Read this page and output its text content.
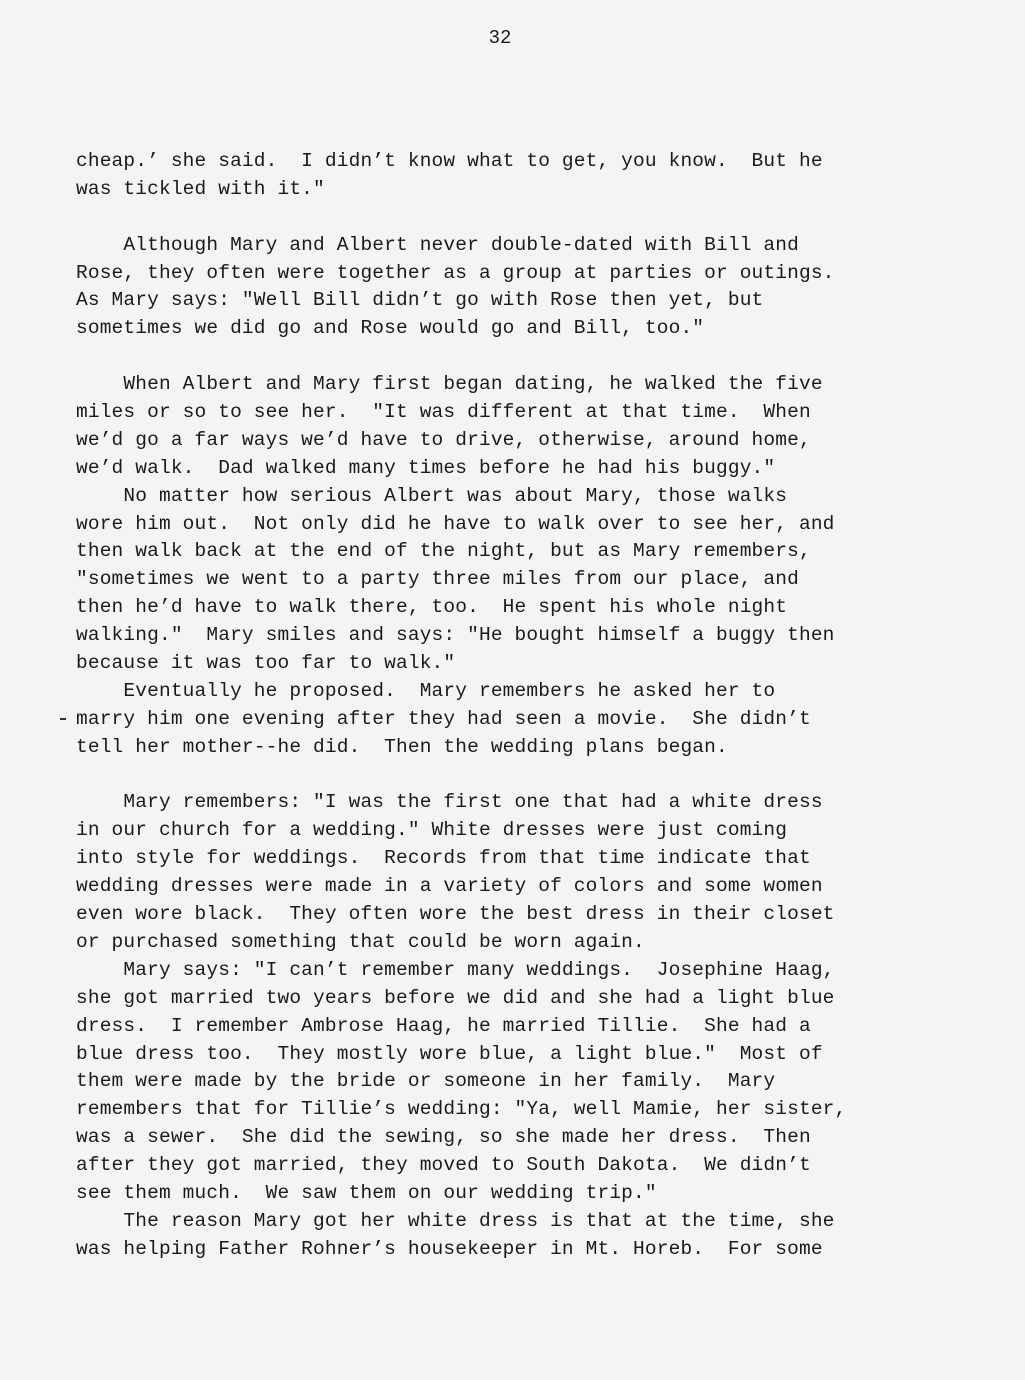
32
cheap.’ she said.  I didn’t know what to get, you know.  But he
was tickled with it."
Although Mary and Albert never double-dated with Bill and
Rose, they often were together as a group at parties or outings.
As Mary says: "Well Bill didn’t go with Rose then yet, but
sometimes we did go and Rose would go and Bill, too."
When Albert and Mary first began dating, he walked the five
miles or so to see her.  "It was different at that time.  When
we’d go a far ways we’d have to drive, otherwise, around home,
we’d walk.  Dad walked many times before he had his buggy."
No matter how serious Albert was about Mary, those walks
wore him out.  Not only did he have to walk over to see her, and
then walk back at the end of the night, but as Mary remembers,
"sometimes we went to a party three miles from our place, and
then he’d have to walk there, too.  He spent his whole night
walking."  Mary smiles and says: "He bought himself a buggy then
because it was too far to walk."
Eventually he proposed.  Mary remembers he asked her to
marry him one evening after they had seen a movie.  She didn’t
tell her mother--he did.  Then the wedding plans began.
Mary remembers: "I was the first one that had a white dress
in our church for a wedding." White dresses were just coming
into style for weddings.  Records from that time indicate that
wedding dresses were made in a variety of colors and some women
even wore black.  They often wore the best dress in their closet
or purchased something that could be worn again.
Mary says: "I can’t remember many weddings.  Josephine Haag,
she got married two years before we did and she had a light blue
dress.  I remember Ambrose Haag, he married Tillie.  She had a
blue dress too.  They mostly wore blue, a light blue."  Most of
them were made by the bride or someone in her family.  Mary
remembers that for Tillie’s wedding: "Ya, well Mamie, her sister,
was a sewer.  She did the sewing, so she made her dress.  Then
after they got married, they moved to South Dakota.  We didn’t
see them much.  We saw them on our wedding trip."
The reason Mary got her white dress is that at the time, she
was helping Father Rohner’s housekeeper in Mt. Horeb.  For some
